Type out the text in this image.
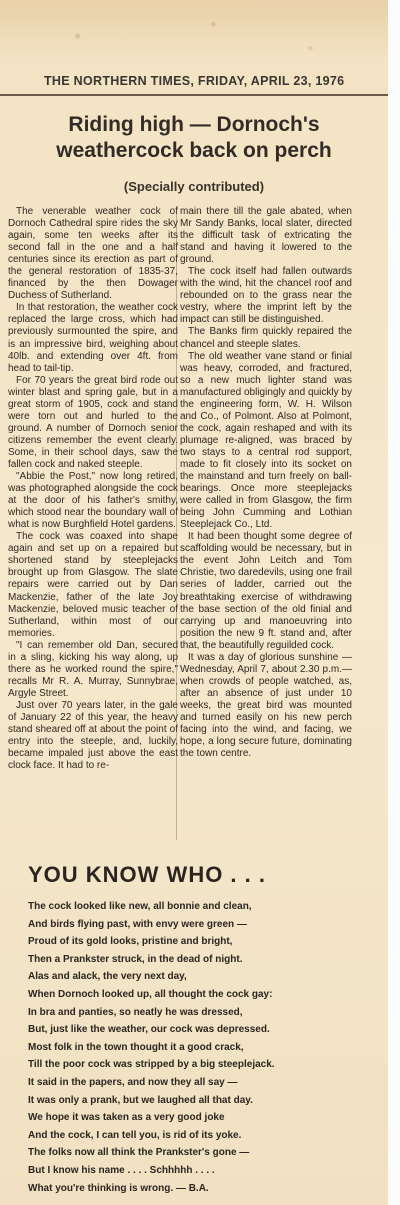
THE NORTHERN TIMES, FRIDAY, APRIL 23, 1976
Riding high — Dornoch's
weathercock back on perch
(Specially contributed)

The venerable weather cock of Dornoch Cathedral spire rides the sky again, some ten weeks after its second fall in the one and a half centuries since its erection as part of the general restoration of 1835-37, financed by the then Dowager Duchess of Sutherland.

In that restoration, the weather cock replaced the large cross, which had previously surmounted the spire, and is an impressive bird, weighing about 40lb. and extending over 4ft. from head to tail-tip.

For 70 years the great bird rode out winter blast and spring gale, but in a great storm of 1905, cock and stand were torn out and hurled to the ground. A number of Dornoch senior citizens remember the event clearly. Some, in their school days, saw the fallen cock and naked steeple.

"Abbie the Post," now long retired, was photographed alongside the cock at the door of his father's smithy, which stood near the boundary wall of what is now Burghfield Hotel gardens.

The cock was coaxed into shape again and set up on a repaired but shortened stand by steeplejacks brought up from Glasgow. The slate repairs were carried out by Dan Mackenzie, father of the late Joy Mackenzie, beloved music teacher of Sutherland, within most of our memories.

"I can remember old Dan, secured in a sling, kicking his way along, up there as he worked round the spire," recalls Mr R. A. Murray, Sunnybrae, Argyle Street.

Just over 70 years later, in the gale of January 22 of this year, the heavy stand sheared off at about the point of entry into the steeple, and, luckily, became impaled just above the east clock face. It had to re-

main there till the gale abated, when Mr Sandy Banks, local slater, directed the difficult task of extricating the stand and having it lowered to the ground.

The cock itself had fallen outwards with the wind, hit the chancel roof and rebounded on to the grass near the vestry, where the imprint left by the impact can still be distinguished.

The Banks firm quickly repaired the chancel and steeple slates.

The old weather vane stand or finial was heavy, corroded, and fractured, so a new much lighter stand was manufactured obligingly and quickly by the engineering form, W. H. Wilson and Co., of Polmont. Also at Polmont, the cock, again reshaped and with its plumage re-aligned, was braced by two stays to a central rod support, made to fit closely into its socket on the mainstand and turn freely on ball-bearings. Once more steeplejacks were called in from Glasgow, the firm being John Cumming and Lothian Steeplejack Co., Ltd.

It had been thought some degree of scaffolding would be necessary, but in the event John Leitch and Tom Christie, two daredevils, using one frail series of ladder, carried out the breathtaking exercise of withdrawing the base section of the old finial and carrying up and manoeuvring into position the new 9 ft. stand and, after that, the beautifully reguilded cock.

It was a day of glorious sunshine — Wednesday, April 7, about 2.30 p.m.—when crowds of people watched, as, after an absence of just under 10 weeks, the great bird was mounted and turned easily on his new perch facing into the wind, and facing, we hope, a long secure future, dominating the town centre.

YOU KNOW WHO . . .
The cock looked like new, all bonnie and clean,
And birds flying past, with envy were green —
Proud of its gold looks, pristine and bright,
Then a Prankster struck, in the dead of night.
Alas and alack, the very next day,
When Dornoch looked up, all thought the cock gay:
In bra and panties, so neatly he was dressed,
But, just like the weather, our cock was depressed.
Most folk in the town thought it a good crack,
Till the poor cock was stripped by a big steeplejack.
It said in the papers, and now they all say —
It was only a prank, but we laughed all that day.
We hope it was taken as a very good joke
And the cock, I can tell you, is rid of its yoke.
The folks now all think the Prankster's gone —
But I know his name . . . . Schhhhh . . . .
What you're thinking is wrong. — B.A.
